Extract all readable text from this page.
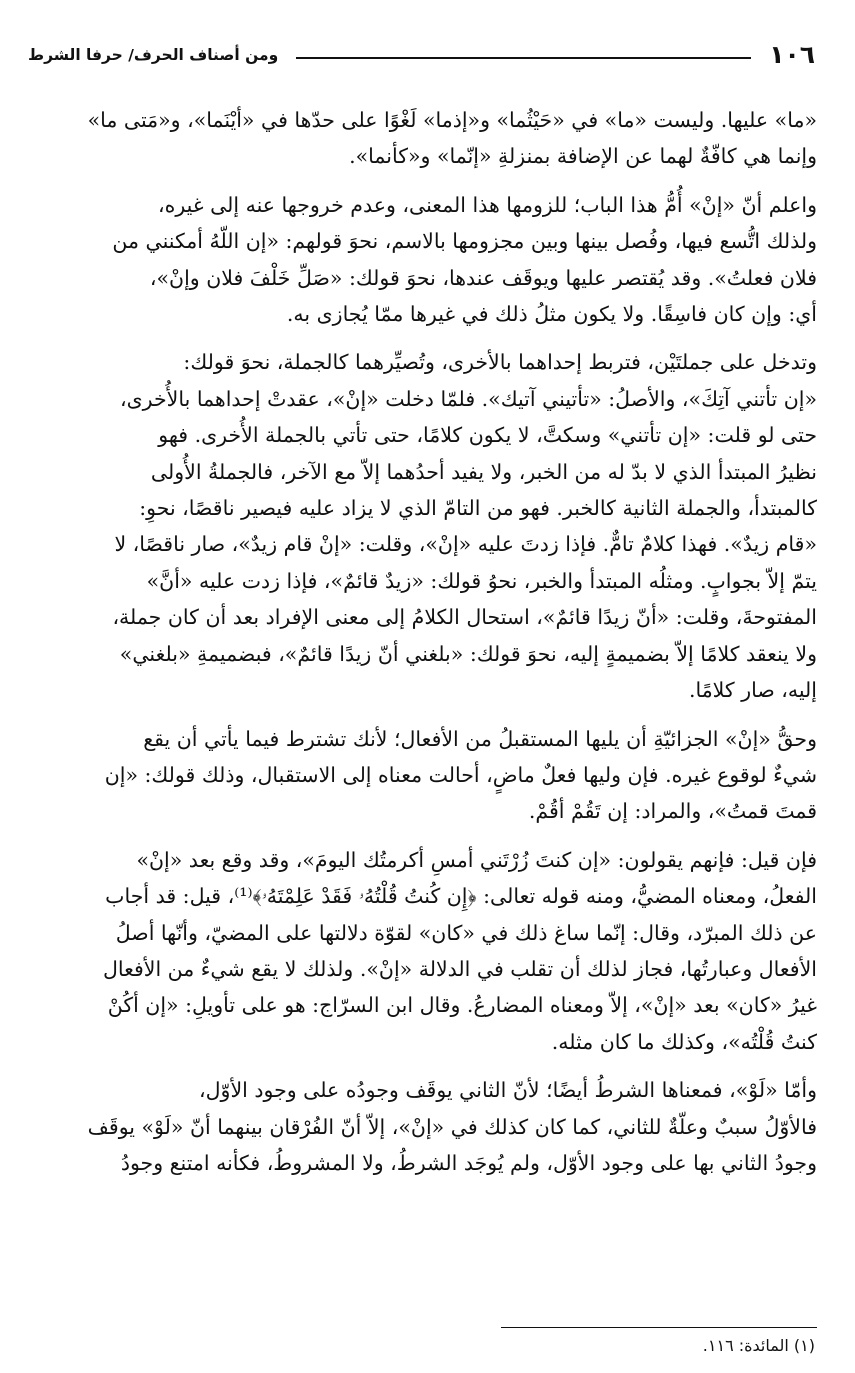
١٠٦
ومن أصناف الحرف/ حرفا الشرط

«ما» عليها. وليست «ما» في «حَيْثُما» و«إذما» لَغْوًا على حدّها في «أيْنَما»، و«مَتى ما»
وإنما هي كافّةٌ لهما عن الإضافة بمنزلةِ «إنّما» و«كأنما».

واعلم أنّ «إنْ» أُمُّ هذا الباب؛ للزومها هذا المعنى، وعدم خروجها عنه إلى غيره،
ولذلك اتُّسع فيها، وفُصل بينها وبين مجزومها بالاسم، نحوَ قولهم: «إن اللّهُ أمكنني من
فلان فعلتُ». وقد يُقتصر عليها ويوقَف عندها، نحوَ قولك: «صَلِّ خَلْفَ فلان وإنْ»،
أي: وإن كان فاسِقًا. ولا يكون مثلُ ذلك في غيرها ممّا يُجازى به.

وتدخل على جملتَيْن، فتربط إحداهما بالأخرى، وتُصيِّرهما كالجملة، نحوَ قولك:
«إن تأتني آتِكَ»، والأصلُ: «تأتيني آتيك». فلمّا دخلت «إنْ»، عقدتْ إحداهما بالأُخرى،
حتى لو قلت: «إن تأتني» وسكتَّ، لا يكون كلامًا، حتى تأتي بالجملة الأُخرى. فهو
نظيرُ المبتدأ الذي لا بدّ له من الخبر، ولا يفيد أحدُهما إلاّ مع الآخر، فالجملةُ الأُولى
كالمبتدأ، والجملة الثانية كالخبر. فهو من التامّ الذي لا يزاد عليه فيصير ناقصًا، نحوِ:
«قام زيدٌ». فهذا كلامٌ تامٌّ. فإذا زدتَ عليه «إنْ»، وقلت: «إنْ قام زيدٌ»، صار ناقصًا، لا
يتمّ إلاّ بجوابٍ. ومثلُه المبتدأ والخبر، نحوُ قولك: «زيدٌ قائمٌ»، فإذا زدت عليه «أنَّ»
المفتوحةَ، وقلت: «أنّ زيدًا قائمٌ»، استحال الكلامُ إلى معنى الإفراد بعد أن كان جملة،
ولا ينعقد كلامًا إلاّ بضميمةٍ إليه، نحوَ قولك: «بلغني أنّ زيدًا قائمٌ»، فبضميمةِ «بلغني»
إليه، صار كلامًا.

وحقُّ «إنْ» الجزائيّةِ أن يليها المستقبلُ من الأفعال؛ لأنك تشترط فيما يأتي أن يقع
شيءٌ لوقوع غيره. فإن وليها فعلٌ ماضٍ، أحالت معناه إلى الاستقبال، وذلك قولك: «إن
قمتَ قمتُ»، والمراد: إن تَقُمْ أقُمْ.

فإن قيل: فإنهم يقولون: «إن كنتَ زُرْتَني أمسِ أكرمتُك اليومَ»، وقد وقع بعد «إنْ»
الفعلُ، ومعناه المضيُّ، ومنه قوله تعالى: ﴿إِن كُنتُ قُلْتُهُۥ فَقَدْ عَلِمْتَهُۥ﴾⁽¹⁾، قيل: قد أجاب
عن ذلك المبرّد، وقال: إنّما ساغ ذلك في «كان» لقوّة دلالتها على المضيّ، وأنّها أصلُ
الأفعال وعبارتُها، فجاز لذلك أن تقلب في الدلالة «إنْ». ولذلك لا يقع شيءٌ من الأفعال
غيرُ «كان» بعد «إنْ»، إلاّ ومعناه المضارعُ. وقال ابن السرّاج: هو على تأويلِ: «إن أكُنْ
كنتُ قُلْتُه»، وكذلك ما كان مثله.

وأمّا «لَوْ»، فمعناها الشرطُ أيضًا؛ لأنّ الثاني يوقَف وجودُه على وجود الأوّل،
فالأوّلُ سببٌ وعلّةٌ للثاني، كما كان كذلك في «إنْ»، إلاّ أنّ الفُرْقان بينهما أنّ «لَوْ» يوقَف
وجودُ الثاني بها على وجود الأوّل، ولم يُوجَد الشرطُ، ولا المشروطُ، فكأنه امتنع وجودُ

(١) المائدة: ١١٦.
